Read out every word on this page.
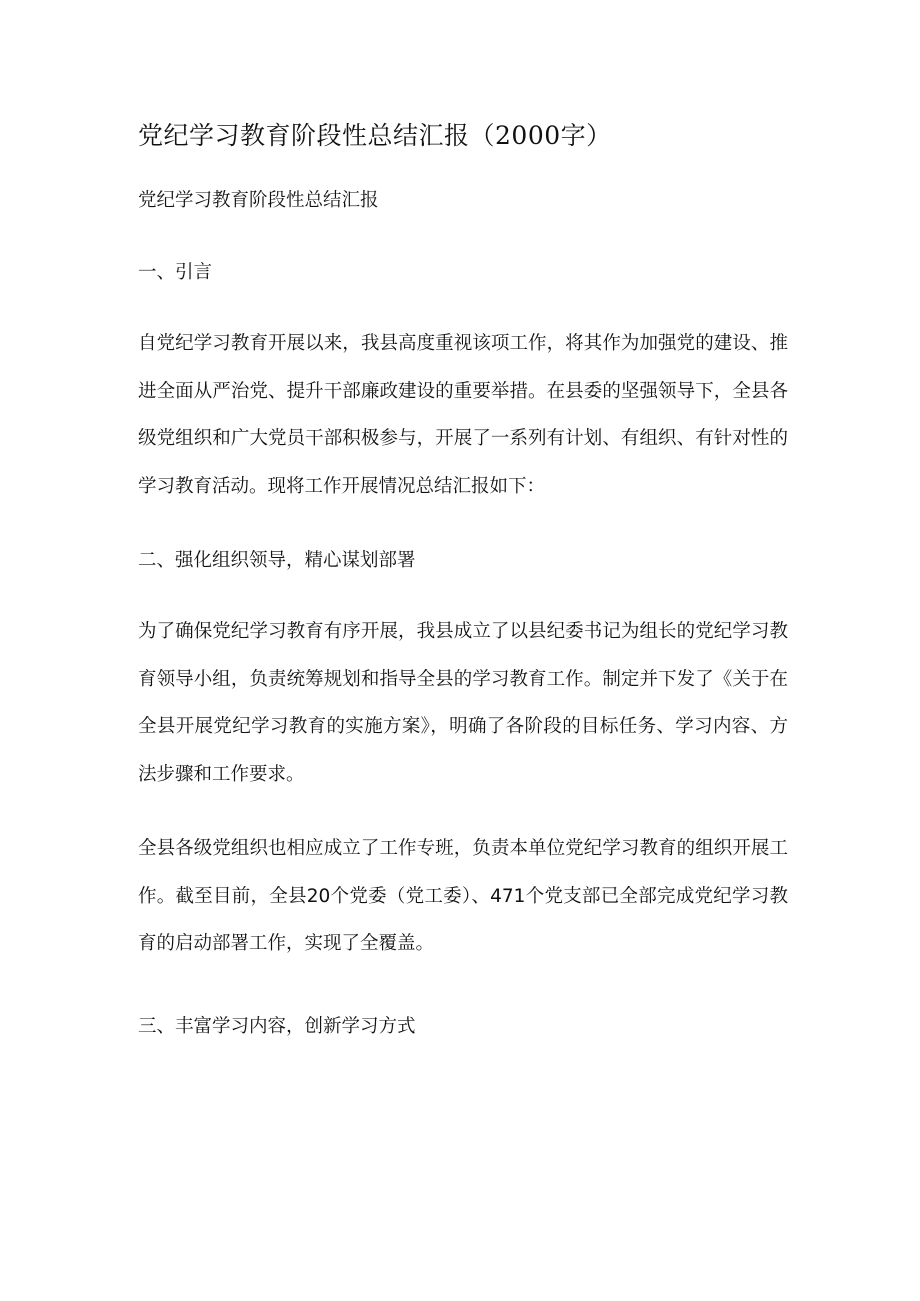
党纪学习教育阶段性总结汇报（2000字）

党纪学习教育阶段性总结汇报

一、引言

自党纪学习教育开展以来，我县高度重视该项工作，将其作为加强党的建设、推进全面从严治党、提升干部廉政建设的重要举措。在县委的坚强领导下，全县各级党组织和广大党员干部积极参与，开展了一系列有计划、有组织、有针对性的学习教育活动。现将工作开展情况总结汇报如下：

二、强化组织领导，精心谋划部署

为了确保党纪学习教育有序开展，我县成立了以县纪委书记为组长的党纪学习教育领导小组，负责统筹规划和指导全县的学习教育工作。制定并下发了《关于在全县开展党纪学习教育的实施方案》，明确了各阶段的目标任务、学习内容、方法步骤和工作要求。

全县各级党组织也相应成立了工作专班，负责本单位党纪学习教育的组织开展工作。截至目前，全县20个党委（党工委）、471个党支部已全部完成党纪学习教育的启动部署工作，实现了全覆盖。

三、丰富学习内容，创新学习方式
